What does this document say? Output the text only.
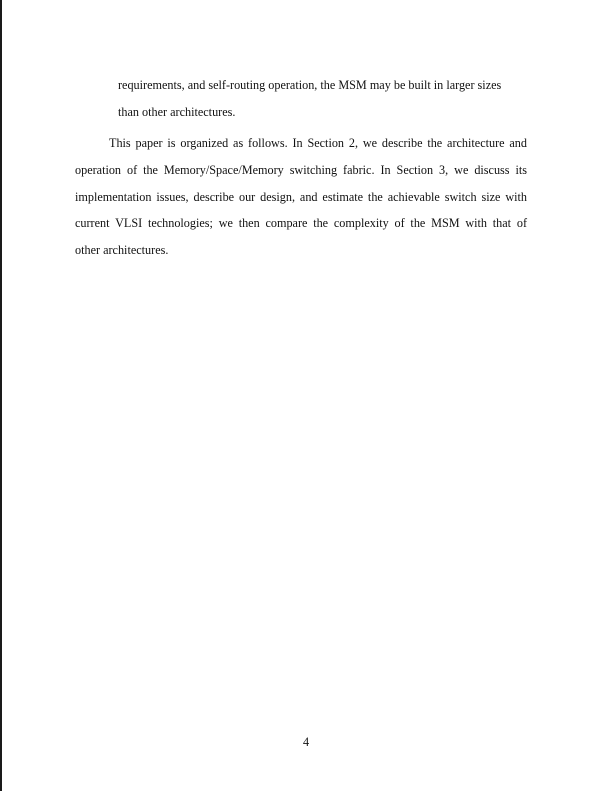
requirements, and self-routing operation, the MSM may be built in larger sizes
than other architectures.

This paper is organized as follows. In Section 2, we describe the architecture and
operation of the Memory/Space/Memory switching fabric. In Section 3, we discuss its
implementation issues, describe our design, and estimate the achievable switch size with
current VLSI technologies; we then compare the complexity of the MSM with that of
other architectures.

4
